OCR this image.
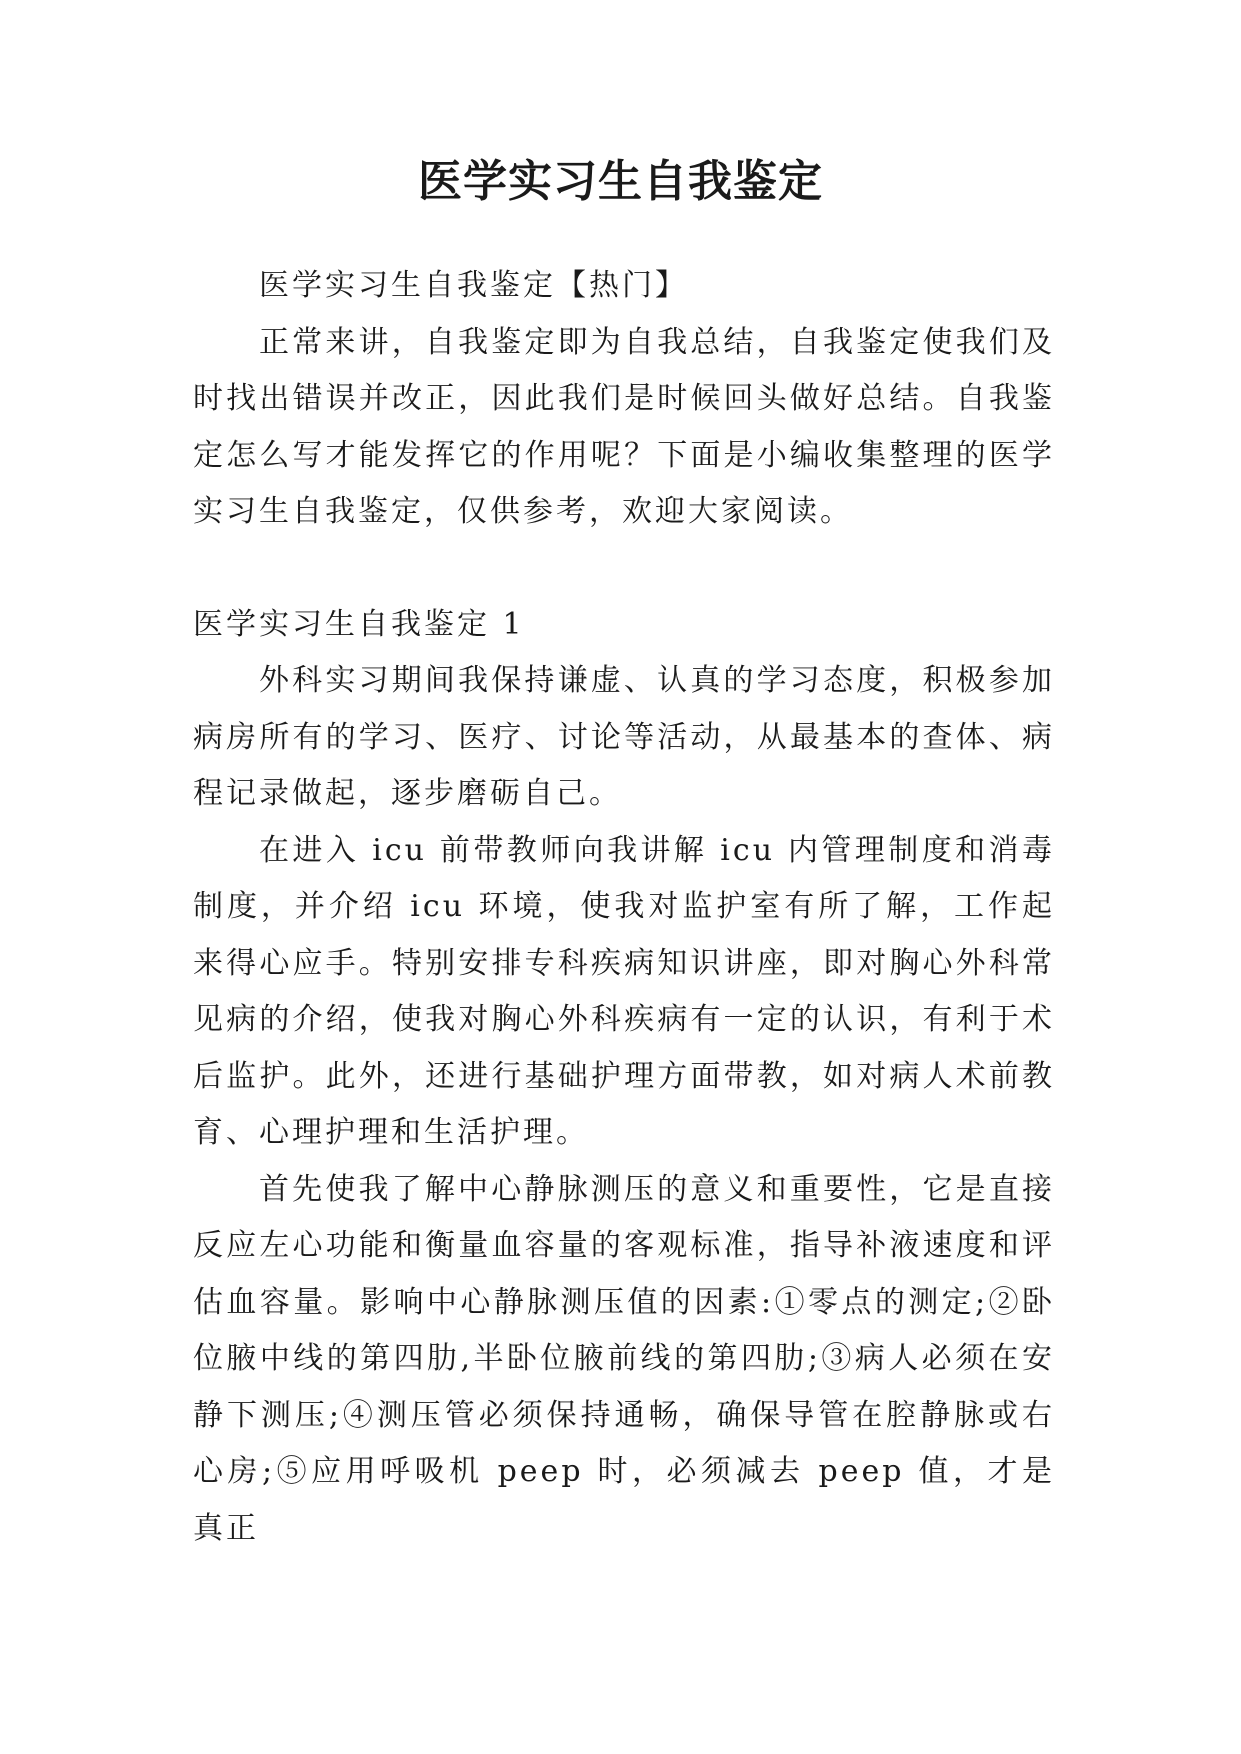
医学实习生自我鉴定

医学实习生自我鉴定【热门】

正常来讲，自我鉴定即为自我总结，自我鉴定使我们及时找出错误并改正，因此我们是时候回头做好总结。自我鉴定怎么写才能发挥它的作用呢？下面是小编收集整理的医学实习生自我鉴定，仅供参考，欢迎大家阅读。

医学实习生自我鉴定 1

外科实习期间我保持谦虚、认真的学习态度，积极参加病房所有的学习、医疗、讨论等活动，从最基本的查体、病程记录做起，逐步磨砺自己。

在进入 icu 前带教师向我讲解 icu 内管理制度和消毒制度，并介绍 icu 环境，使我对监护室有所了解，工作起来得心应手。特别安排专科疾病知识讲座，即对胸心外科常见病的介绍，使我对胸心外科疾病有一定的认识，有利于术后监护。此外，还进行基础护理方面带教，如对病人术前教育、心理护理和生活护理。

首先使我了解中心静脉测压的意义和重要性，它是直接反应左心功能和衡量血容量的客观标准，指导补液速度和评估血容量。影响中心静脉测压值的因素:①零点的测定;②卧位腋中线的第四肋,半卧位腋前线的第四肋;③病人必须在安静下测压;④测压管必须保持通畅，确保导管在腔静脉或右心房;⑤应用呼吸机 peep 时，必须减去 peep 值，才是真正
